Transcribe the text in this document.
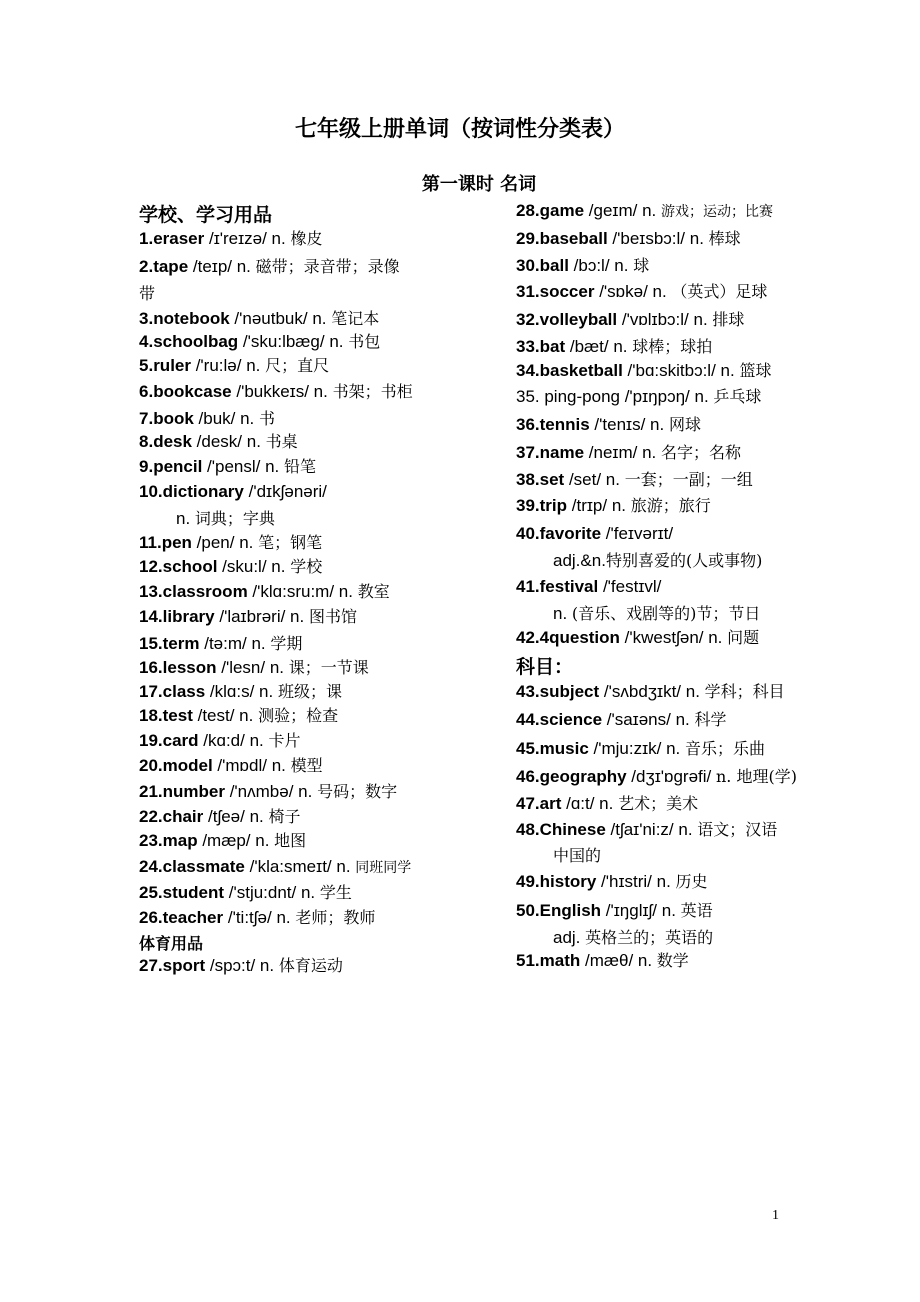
七年级上册单词（按词性分类表）
第一课时 名词
学校、学习用品
体育用品
1.eraser /ɪ'reɪzə/ n. 橡皮
2.tape /teɪp/ n. 磁带；录音带；录像
带
3.notebook /'nəutbuk/ n. 笔记本
4.schoolbag /'sku:lbæg/ n. 书包
5.ruler /'ru:lə/ n. 尺；直尺
6.bookcase /'bukkeɪs/ n. 书架；书柜
7.book /buk/ n. 书
8.desk /desk/ n. 书桌
9.pencil /'pensl/ n. 铅笔
10.dictionary /'dɪkʃənəri/
n. 词典；字典
11.pen /pen/ n. 笔；钢笔
12.school /sku:l/ n. 学校
13.classroom /'klɑ:sru:m/ n. 教室
14.library /'laɪbrəri/ n. 图书馆
15.term /tə:m/ n. 学期
16.lesson /'lesn/ n. 课；一节课
17.class /klɑ:s/ n. 班级；课
18.test /test/ n. 测验；检查
19.card /kɑ:d/ n. 卡片
20.model /'mɒdl/ n. 模型
21.number /'nʌmbə/ n. 号码；数字
22.chair /tʃeə/ n. 椅子
23.map /mæp/ n. 地图
24.classmate /'kla:smeɪt/ n. 同班同学
25.student /'stju:dnt/ n. 学生
26.teacher /'ti:tʃə/ n. 老师；教师
27.sport /spɔ:t/ n. 体育运动
科目：
28.game /geɪm/ n. 游戏；运动；比赛
29.baseball /'beɪsbɔ:l/ n. 棒球
30.ball /bɔ:l/ n. 球
31.soccer /'sɒkə/ n. （英式）足球
32.volleyball /'vɒlɪbɔ:l/ n. 排球
33.bat /bæt/ n. 球棒；球拍
34.basketball /'bɑ:skitbɔ:l/ n. 篮球
35. ping-pong /'pɪŋpɔŋ/ n. 乒乓球
36.tennis /'tenɪs/ n. 网球
37.name /neɪm/ n. 名字；名称
38.set /set/ n. 一套；一副；一组
39.trip /trɪp/ n. 旅游；旅行
40.favorite /'feɪvərɪt/
adj.&n.特别喜爱的(人或事物)
41.festival /'festɪvl/
n. (音乐、戏剧等的)节；节日
42.4question /'kwestʃən/ n. 问题
43.subject /'sʌbdʒɪkt/ n. 学科；科目
44.science /'saɪəns/ n. 科学
45.music /'mju:zɪk/ n. 音乐；乐曲
46.geography /dʒɪ'ɒgrəfi/ n. 地理(学)
47.art /ɑ:t/ n. 艺术；美术
48.Chinese /tʃaɪ'ni:z/ n. 语文；汉语
中国的
49.history /'hɪstri/ n. 历史
50.English /'ɪŋglɪʃ/ n. 英语
adj. 英格兰的；英语的
51.math /mæθ/ n. 数学
1
